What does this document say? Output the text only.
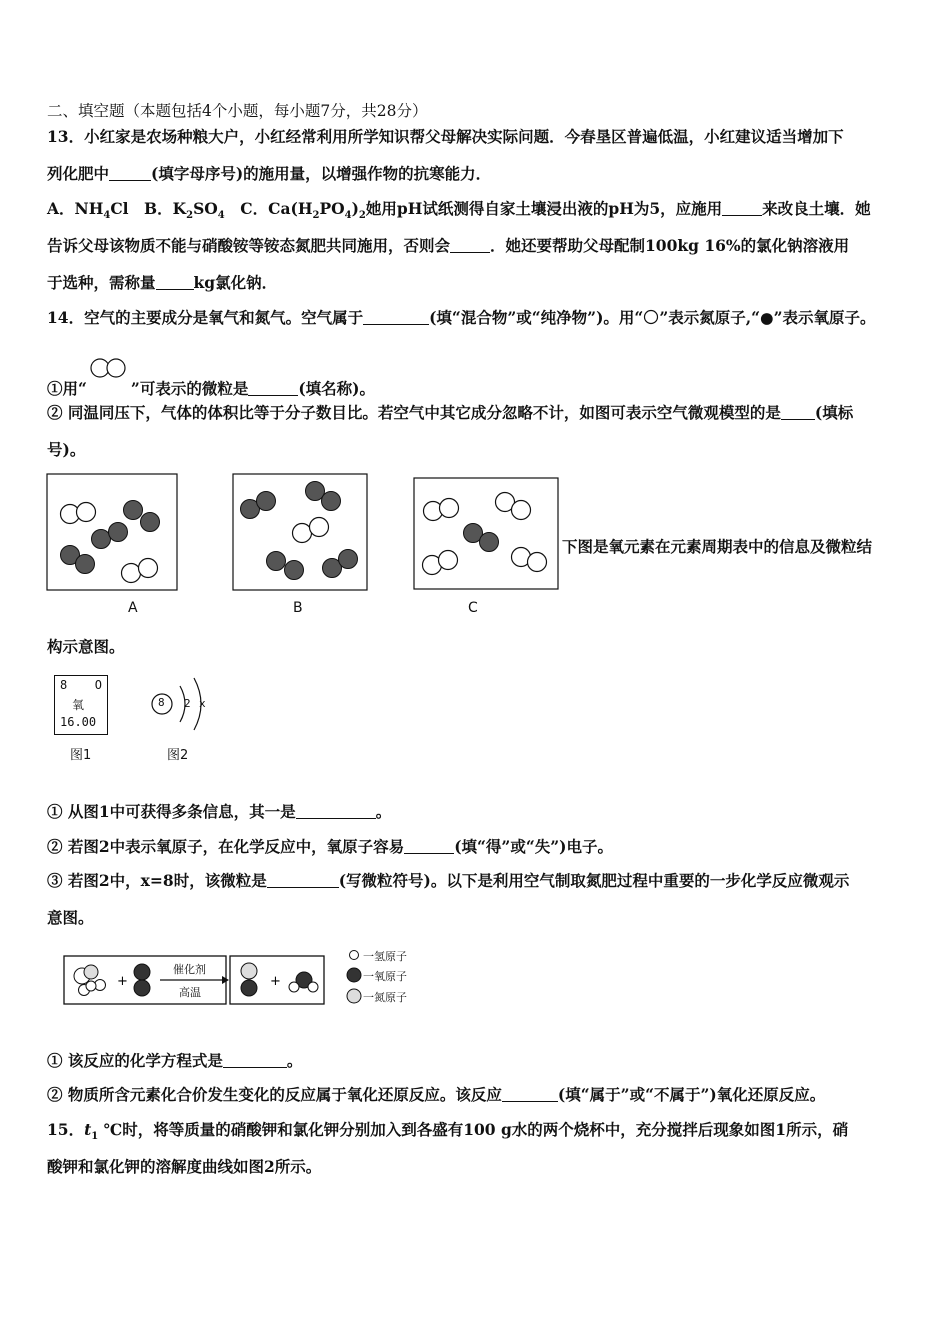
二、填空题（本题包括4个小题，每小题7分，共28分）
13．小红家是农场种粮大户，小红经常利用所学知识帮父母解决实际问题．今春垦区普遍低温，小红建议适当增加下
列化肥中	(填字母序号)的施用量，以增强作物的抗寒能力．
A．$NH_4Cl$　B．$K_2SO_4$　C．$Ca(H_2PO_4)_2$她用pH试纸测得自家土壤浸出液的pH为5，应施用	来改良土壤．她
告诉父母该物质不能与硝酸铵等铵态氮肥共同施用，否则会	．她还要帮助父母配制100kg 16%的氯化钠溶液用
于选种，需称量 kg氯化钠．
14．空气的主要成分是氧气和氮气。空气属于	(填“混合物”或“纯净物”)。用“ ”表示氮原子,“●”表示氧原子。
①用“	”可表示的微粒是	(填名称)。
② 同温同压下，气体的体积比等于分子数目比。若空气中其它成分忽略不计，如图可表示空气微观模型的是 (填标
号)。
A	B	C
下图是氧元素在元素周期表中的信息及微粒结
构示意图。
8 O
氧
16.00
图1
8 2 x
图2
① 从图1中可获得多条信息，其一是	。
② 若图2中表示氧原子，在化学反应中，氧原子容易	(填“得”或“失”)电子。
③ 若图2中，x=8时，该微粒是	(写微粒符号)。以下是利用空气制取氮肥过程中重要的一步化学反应微观示
意图。
+	+
催化剂
高温
一氢原子
一氧原子
一氮原子
① 该反应的化学方程式是	。
② 物质所含元素化合价发生变化的反应属于氧化还原反应。该反应	(填“属于”或“不属于”)氧化还原反应。
15．$t_1$ ℃时，将等质量的硝酸钾和氯化钾分别加入到各盛有100 g水的两个烧杯中，充分搅拌后现象如图1所示，硝
酸钾和氯化钾的溶解度曲线如图2所示。
